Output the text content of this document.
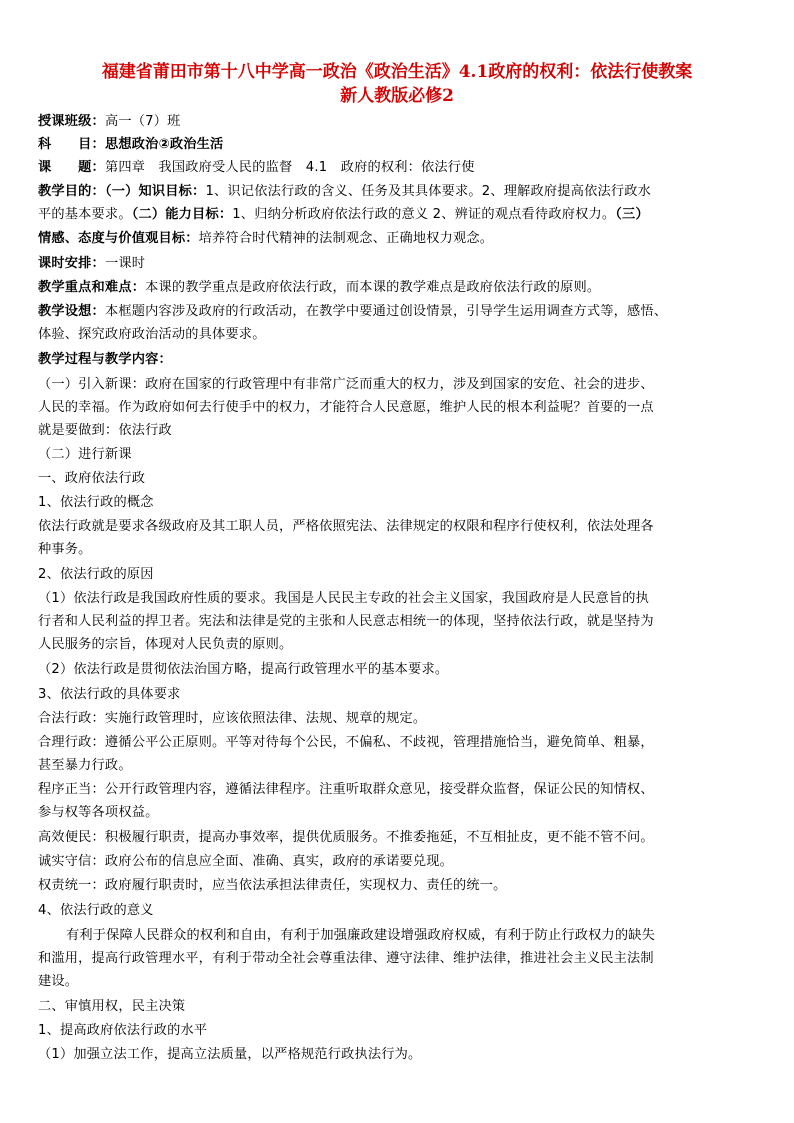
福建省莆田市第十八中学高一政治《政治生活》4.1政府的权利：依法行使教案
新人教版必修2
授课班级：高一（7）班
科　　目：思想政治②政治生活
课　　题：第四章　我国政府受人民的监督　4.1　政府的权利：依法行使
教学目的：（一）知识目标：1、识记依法行政的含义、任务及其具体要求。2、理解政府提高依法行政水
平的基本要求。（二）能力目标：1、归纳分析政府依法行政的意义 2、辨证的观点看待政府权力。（三）
情感、态度与价值观目标：培养符合时代精神的法制观念、正确地权力观念。
课时安排：一课时
教学重点和难点：本课的教学重点是政府依法行政，而本课的教学难点是政府依法行政的原则。
教学设想：本框题内容涉及政府的行政活动，在教学中要通过创设情景，引导学生运用调查方式等，感悟、
体验、探究政府政治活动的具体要求。
教学过程与教学内容：
（一）引入新课：政府在国家的行政管理中有非常广泛而重大的权力，涉及到国家的安危、社会的进步、
人民的幸福。作为政府如何去行使手中的权力，才能符合人民意愿，维护人民的根本利益呢？首要的一点
就是要做到：依法行政
（二）进行新课
一、政府依法行政
1、依法行政的概念
依法行政就是要求各级政府及其工职人员，严格依照宪法、法律规定的权限和程序行使权利，依法处理各
种事务。
2、依法行政的原因
（1）依法行政是我国政府性质的要求。我国是人民民主专政的社会主义国家，我国政府是人民意旨的执
行者和人民利益的捍卫者。宪法和法律是党的主张和人民意志相统一的体现，坚持依法行政，就是坚持为
人民服务的宗旨，体现对人民负责的原则。
（2）依法行政是贯彻依法治国方略，提高行政管理水平的基本要求。
3、依法行政的具体要求
合法行政：实施行政管理时，应该依照法律、法规、规章的规定。
合理行政：遵循公平公正原则。平等对待每个公民，不偏私、不歧视，管理措施恰当，避免简单、粗暴，
甚至暴力行政。
程序正当：公开行政管理内容，遵循法律程序。注重听取群众意见，接受群众监督，保证公民的知情权、
参与权等各项权益。
高效便民：积极履行职责，提高办事效率，提供优质服务。不推委拖延，不互相扯皮，更不能不管不问。
诚实守信：政府公布的信息应全面、准确、真实，政府的承诺要兑现。
权责统一：政府履行职责时，应当依法承担法律责任，实现权力、责任的统一。
4、依法行政的意义
有利于保障人民群众的权利和自由，有利于加强廉政建设增强政府权威，有利于防止行政权力的缺失
和滥用，提高行政管理水平，有利于带动全社会尊重法律、遵守法律、维护法律，推进社会主义民主法制
建设。
二、审慎用权，民主决策
1、提高政府依法行政的水平
（1）加强立法工作，提高立法质量，以严格规范行政执法行为。
